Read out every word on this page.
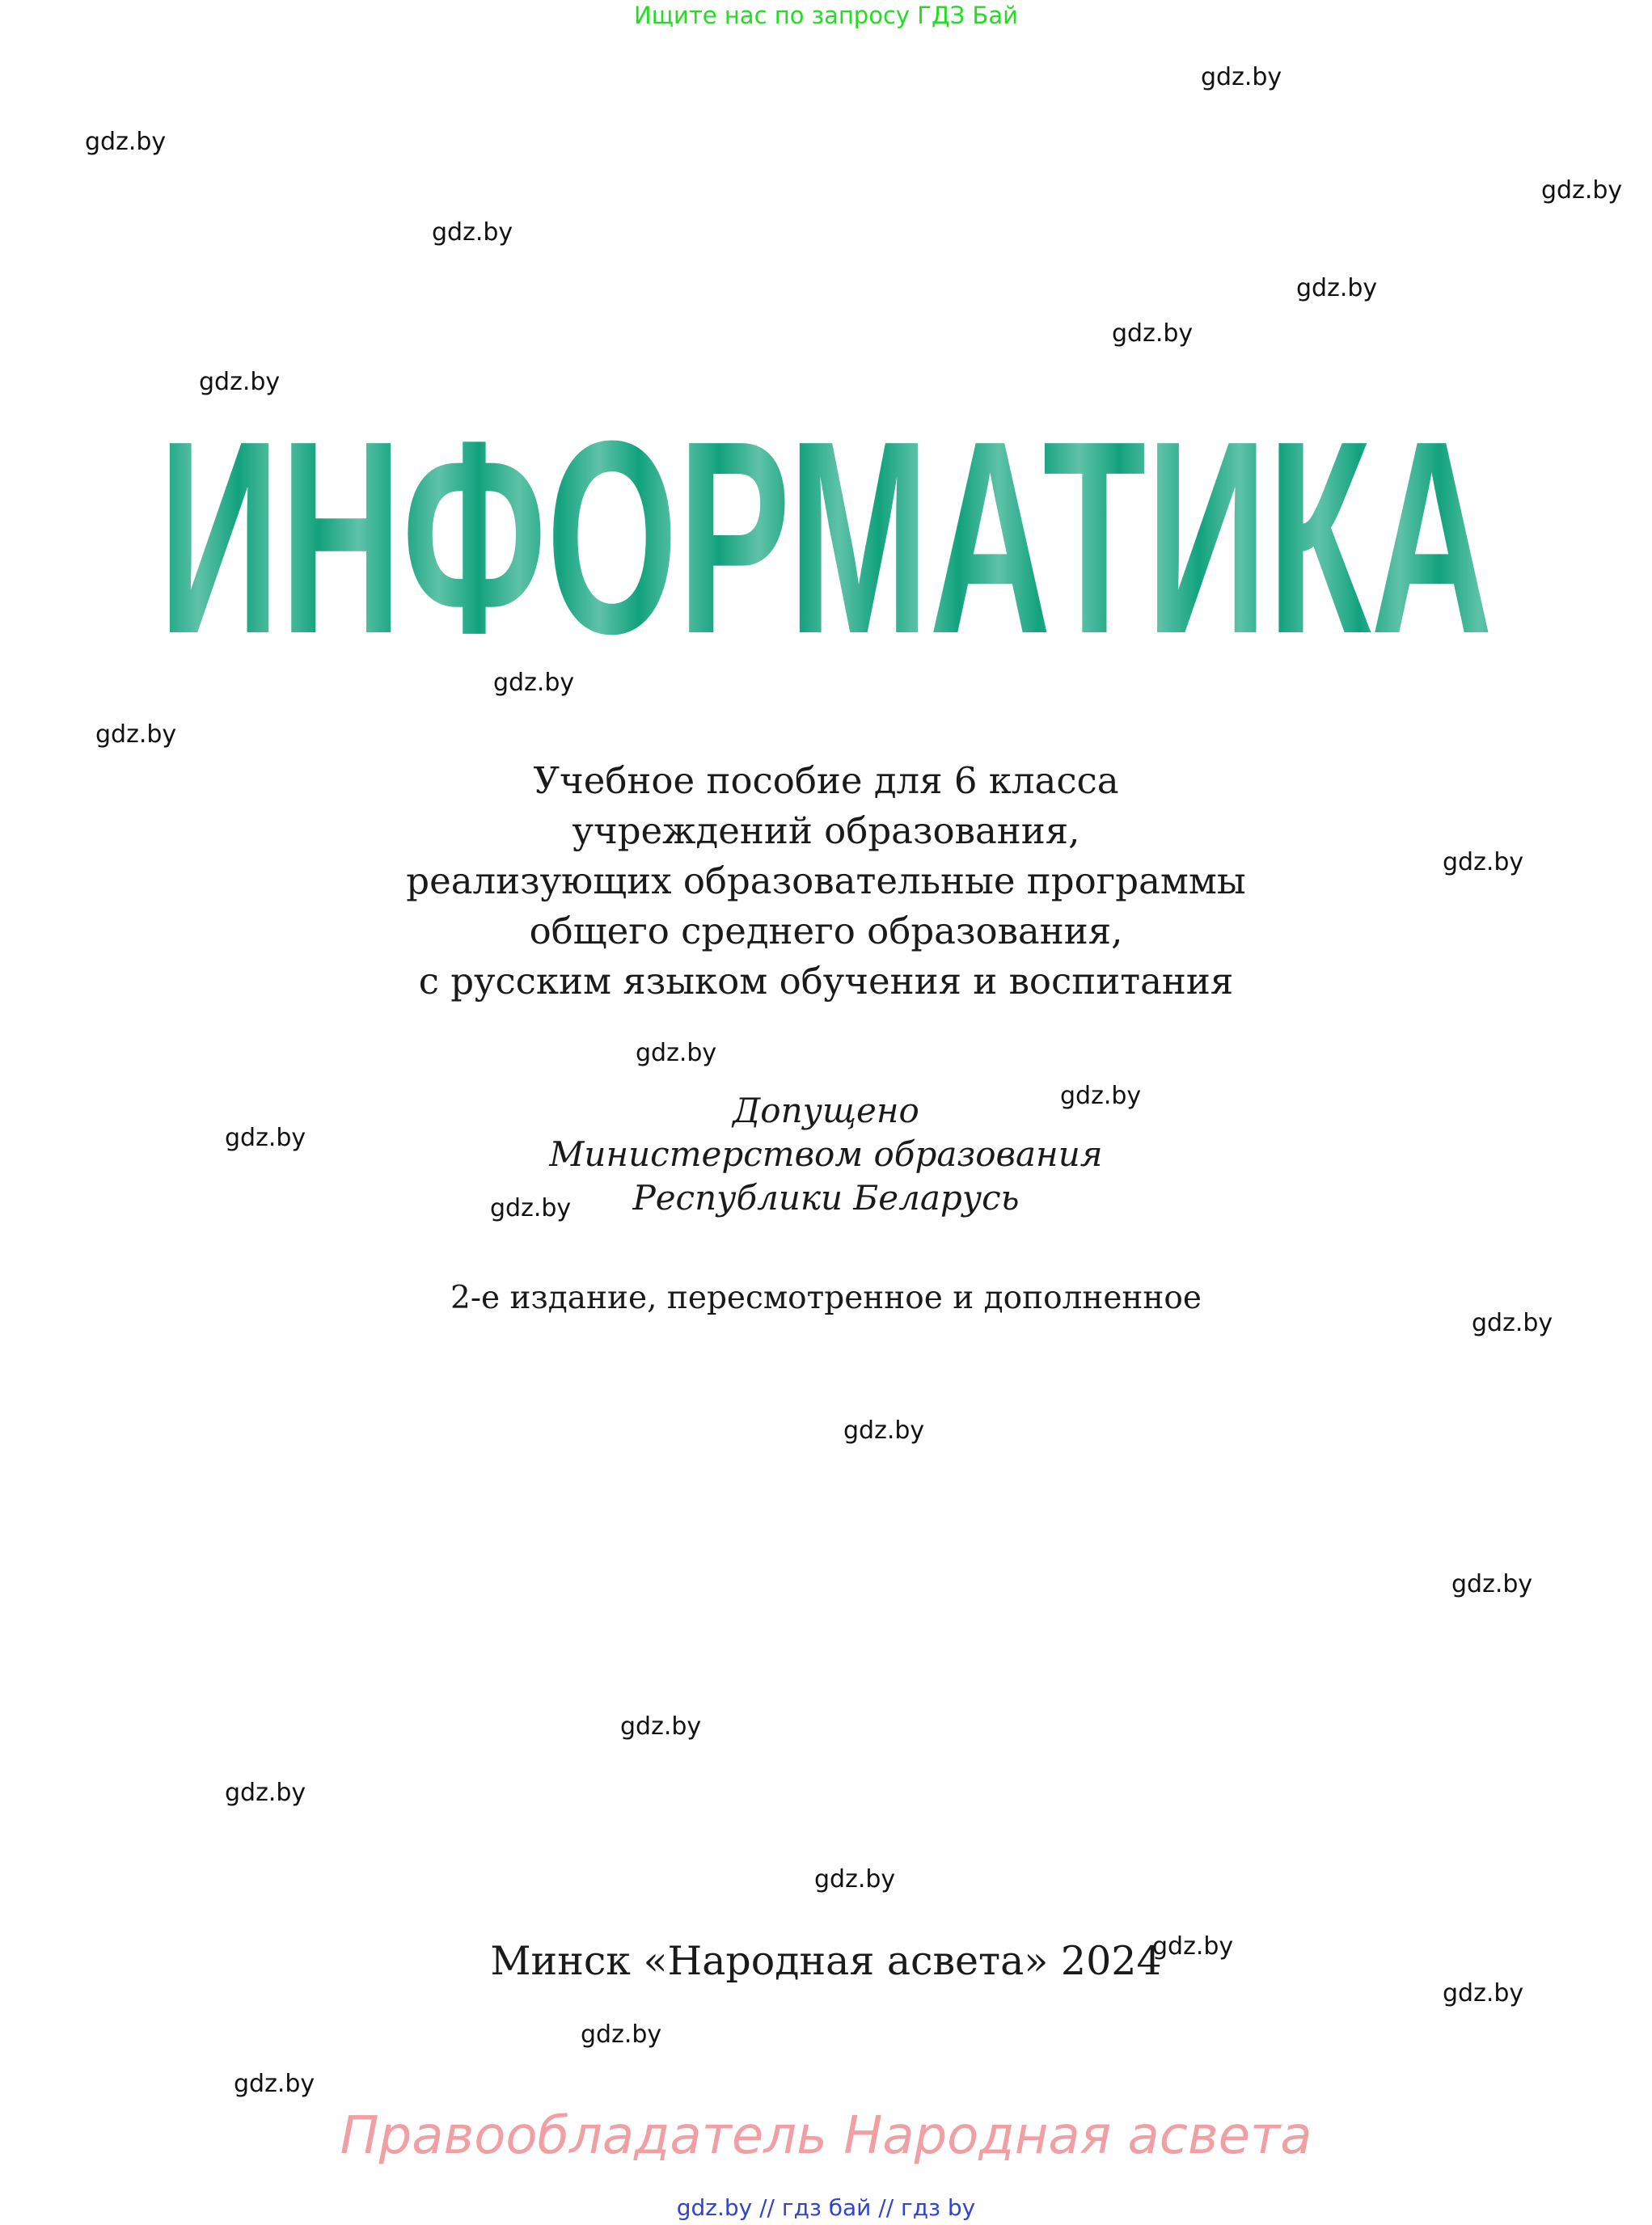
Ищите нас по запросу ГДЗ Бай
gdz.by
gdz.by
gdz.by
gdz.by
gdz.by
gdz.by
gdz.by
gdz.by
gdz.by
gdz.by
gdz.by
gdz.by
gdz.by
gdz.by
gdz.by
gdz.by
gdz.by
gdz.by
gdz.by
gdz.by
gdz.by
gdz.by
gdz.by
gdz.by
ИНФОРМАТИКА
Учебное пособие для 6 класса
учреждений образования,
реализующих образовательные программы
общего среднего образования,
с русским языком обучения и воспитания
Допущено
Министерством образования
Республики Беларусь
2-е издание, пересмотренное и дополненное
Минск «Народная асвета» 2024
Правообладатель Народная асвета
gdz.by // гдз бай // гдз by
